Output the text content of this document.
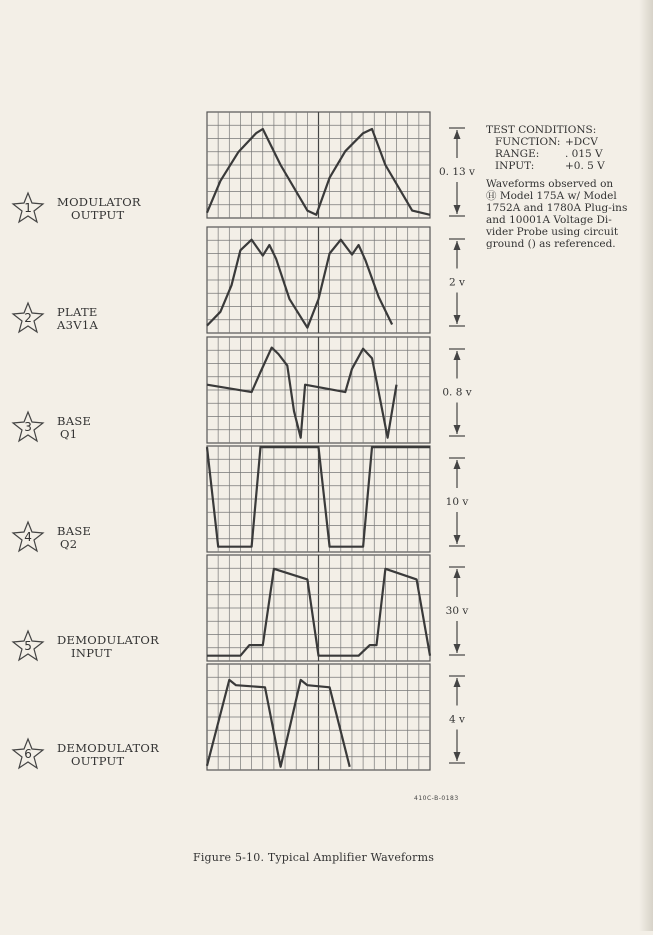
1 MODULATOR
OUTPUT
2 PLATE
A3V1A
3 BASE
Q1
4 BASE
Q2
5 DEMODULATOR
INPUT
6 DEMODULATOR
OUTPUT
0. 13 v
2 v
0. 8 v
10 v
30 v
4 v
TEST CONDITIONS:
FUNCTION: +DCV
RANGE:	. 015 V
INPUT:	+0. 5 V
Waveforms observed on
Ⓗ Model 175A w/ Model
1752A and 1780A Plug-ins
and 10001A Voltage Di-
vider Probe using circuit
ground () as referenced.
410C-B-0183
Figure 5-10. Typical Amplifier Waveforms
